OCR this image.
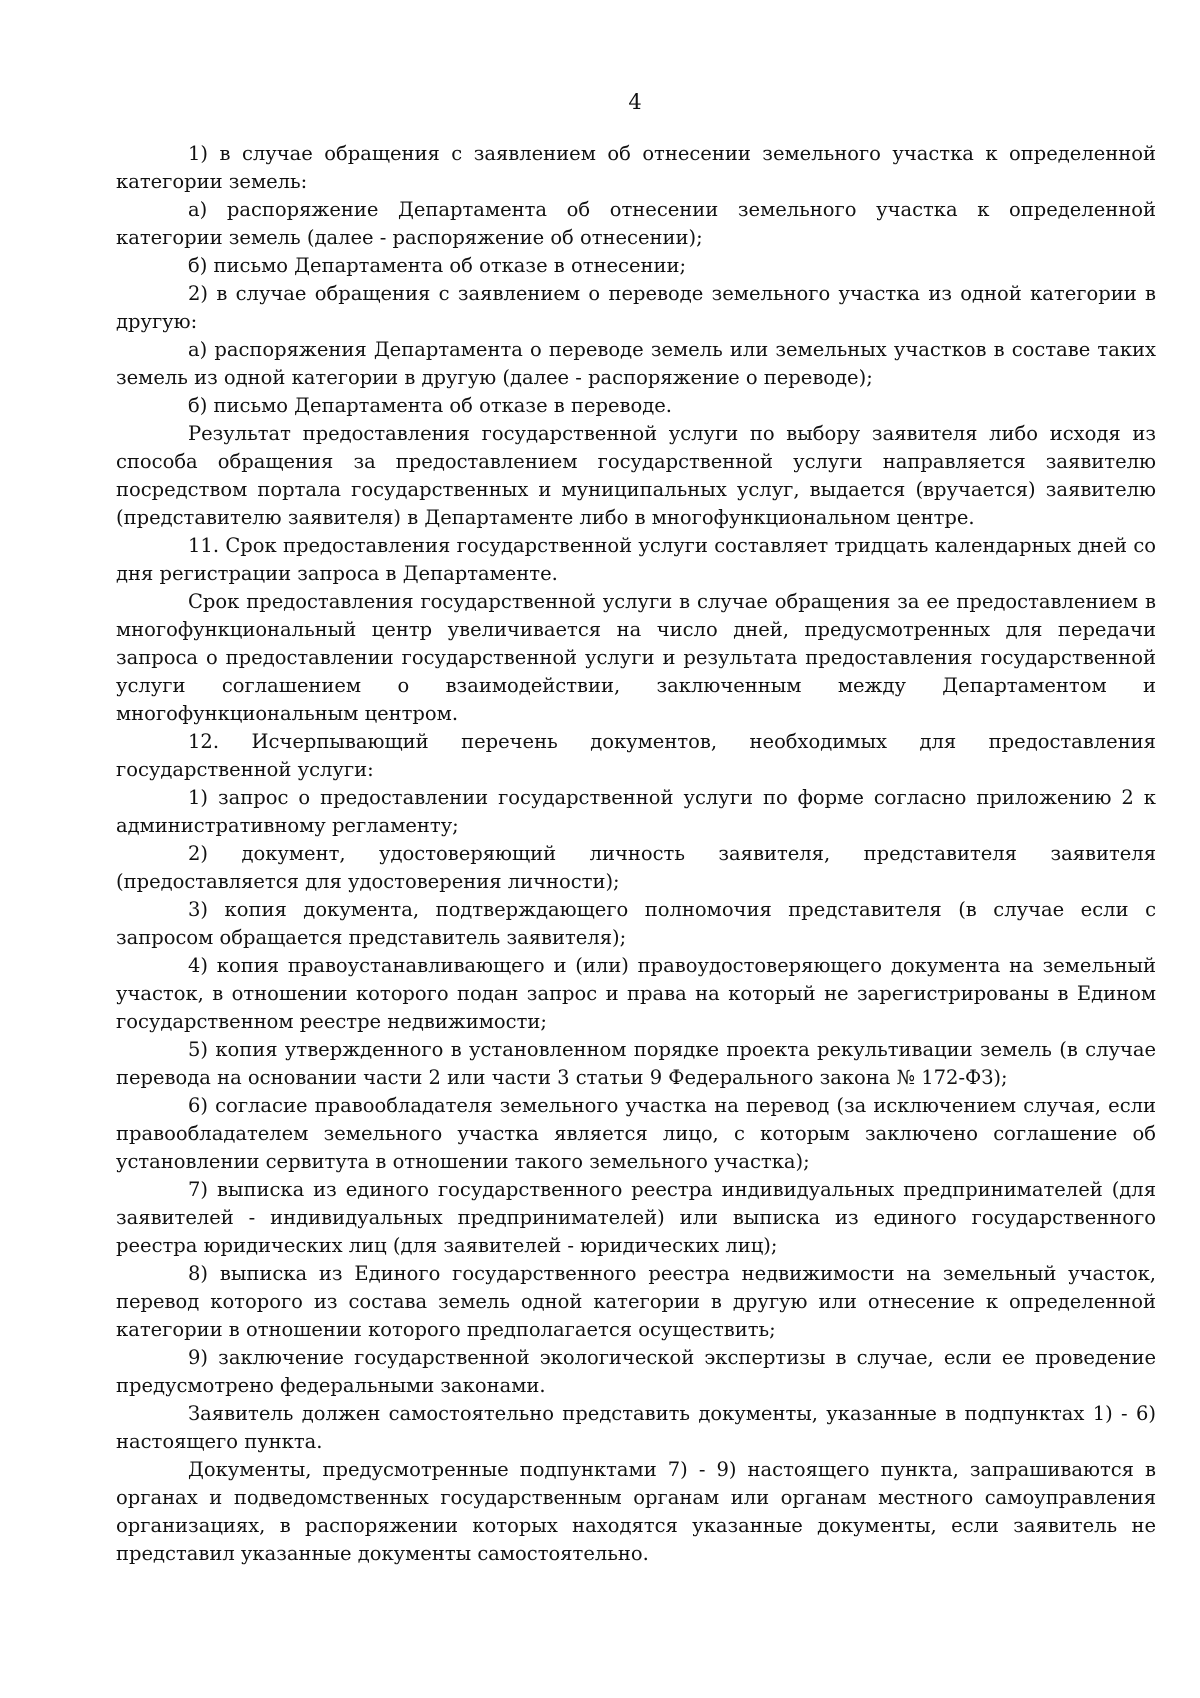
4

1) в случае обращения с заявлением об отнесении земельного участка к определенной категории земель:

а) распоряжение Департамента об отнесении земельного участка к определенной категории земель (далее - распоряжение об отнесении);

б) письмо Департамента об отказе в отнесении;

2) в случае обращения с заявлением о переводе земельного участка из одной категории в другую:

а) распоряжения Департамента о переводе земель или земельных участков в составе таких земель из одной категории в другую (далее - распоряжение о переводе);

б) письмо Департамента об отказе в переводе.

Результат предоставления государственной услуги по выбору заявителя либо исходя из способа обращения за предоставлением государственной услуги направляется заявителю посредством портала государственных и муниципальных услуг, выдается (вручается) заявителю (представителю заявителя) в Департаменте либо в многофункциональном центре.

11. Срок предоставления государственной услуги составляет тридцать календарных дней со дня регистрации запроса в Департаменте.

Срок предоставления государственной услуги в случае обращения за ее предоставлением в многофункциональный центр увеличивается на число дней, предусмотренных для передачи запроса о предоставлении государственной услуги и результата предоставления государственной услуги соглашением о взаимодействии, заключенным между Департаментом и многофункциональным центром.

12. Исчерпывающий перечень документов, необходимых для предоставления государственной услуги:

1) запрос о предоставлении государственной услуги по форме согласно приложению 2 к административному регламенту;

2) документ, удостоверяющий личность заявителя, представителя заявителя (предоставляется для удостоверения личности);

3) копия документа, подтверждающего полномочия представителя (в случае если с запросом обращается представитель заявителя);

4) копия правоустанавливающего и (или) правоудостоверяющего документа на земельный участок, в отношении которого подан запрос и права на который не зарегистрированы в Едином государственном реестре недвижимости;

5) копия утвержденного в установленном порядке проекта рекультивации земель (в случае перевода на основании части 2 или части 3 статьи 9 Федерального закона № 172-ФЗ);

6) согласие правообладателя земельного участка на перевод (за исключением случая, если правообладателем земельного участка является лицо, с которым заключено соглашение об установлении сервитута в отношении такого земельного участка);

7) выписка из единого государственного реестра индивидуальных предпринимателей (для заявителей - индивидуальных предпринимателей) или выписка из единого государственного реестра юридических лиц (для заявителей - юридических лиц);

8) выписка из Единого государственного реестра недвижимости на земельный участок, перевод которого из состава земель одной категории в другую или отнесение к определенной категории в отношении которого предполагается осуществить;

9) заключение государственной экологической экспертизы в случае, если ее проведение предусмотрено федеральными законами.

Заявитель должен самостоятельно представить документы, указанные в подпунктах 1) - 6) настоящего пункта.

Документы, предусмотренные подпунктами 7) - 9) настоящего пункта, запрашиваются в органах и подведомственных государственным органам или органам местного самоуправления организациях, в распоряжении которых находятся указанные документы, если заявитель не представил указанные документы самостоятельно.
